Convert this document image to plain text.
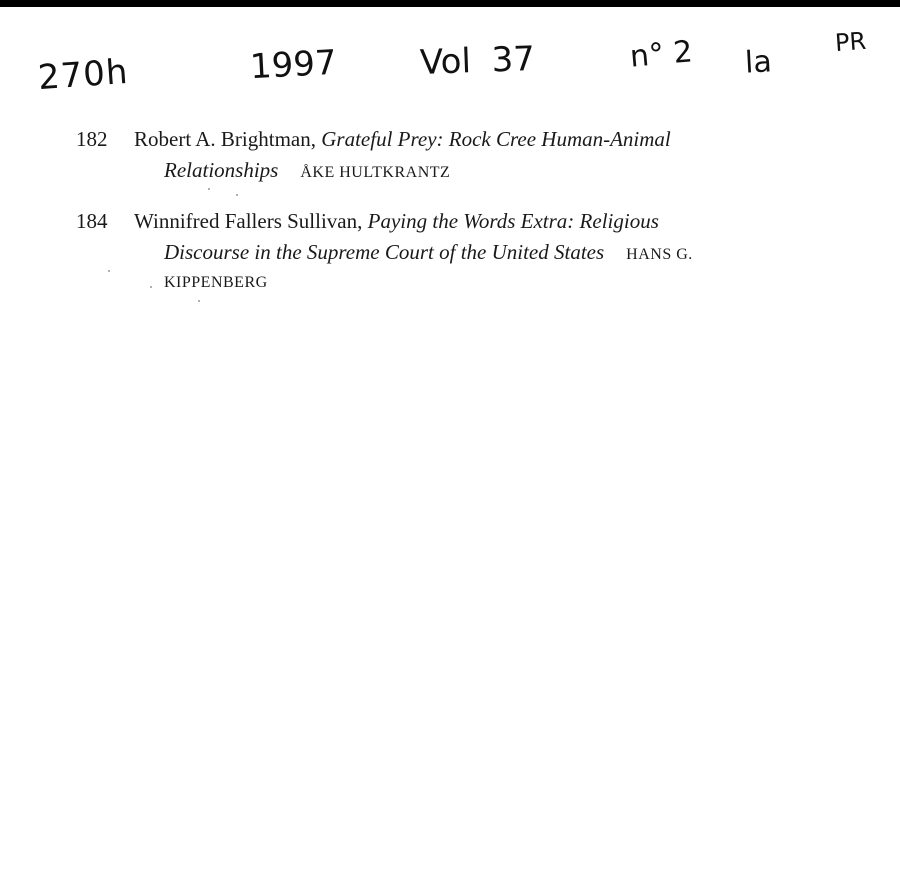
270h	1997 Vol 37	n° 2 la
PR
182	Robert A. Brightman, Grateful Prey: Rock Cree Human-Animal
Relationships ÅKE HULTKRANTZ
184	Winnifred Fallers Sullivan, Paying the Words Extra: Religious
Discourse in the Supreme Court of the United States HANS G.
KIPPENBERG
